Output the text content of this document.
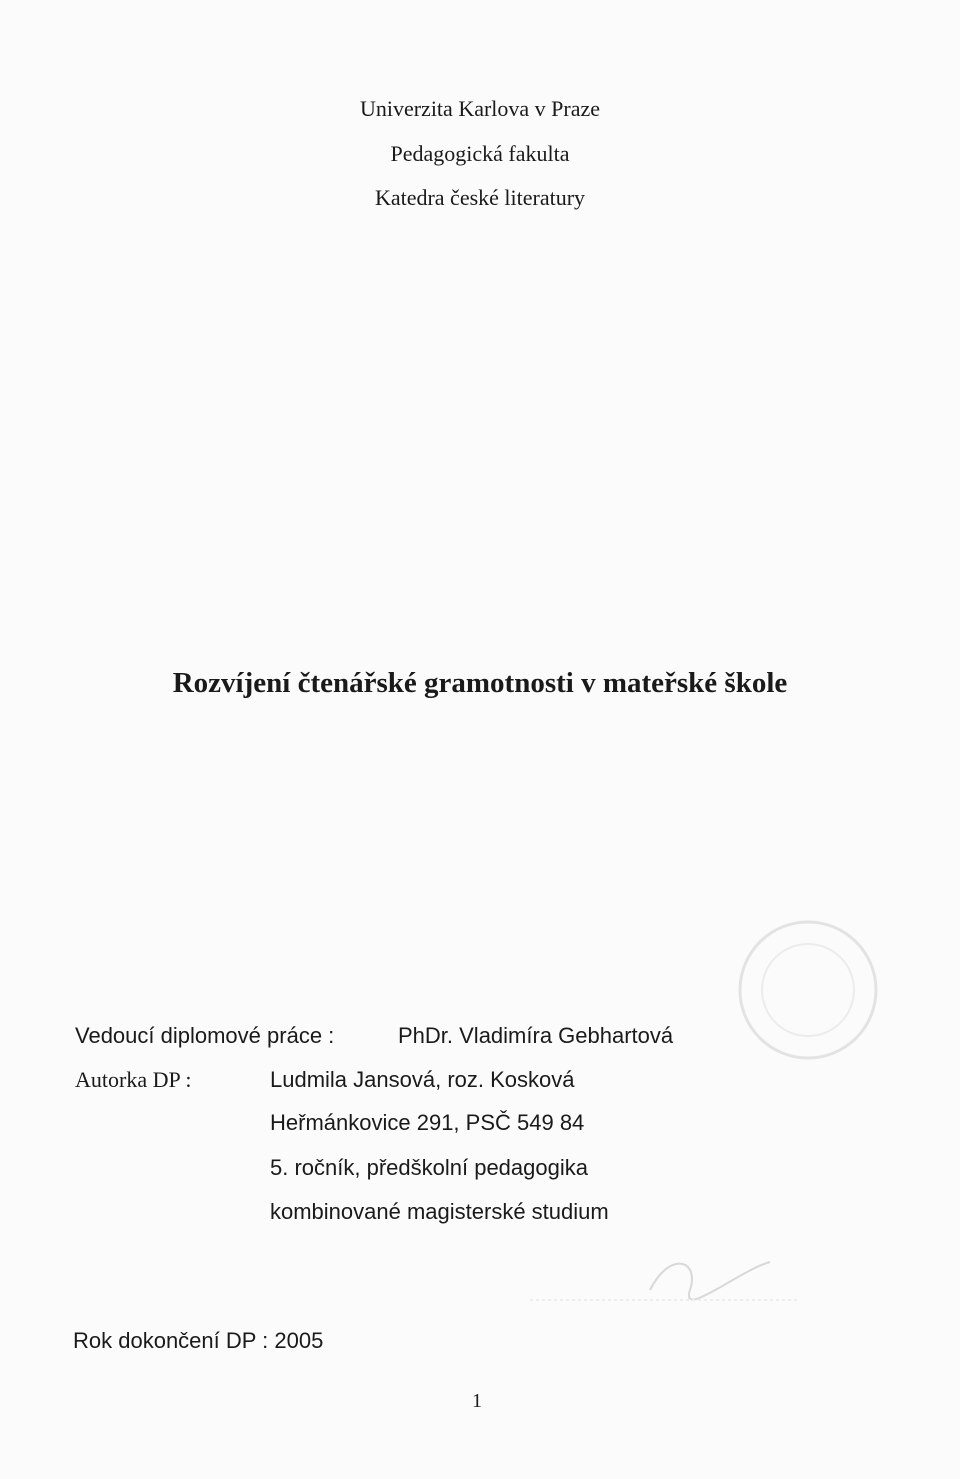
Univerzita Karlova v Praze
Pedagogická fakulta
Katedra české literatury
Rozvíjení čtenářské gramotnosti v mateřské škole
Vedoucí diplomové práce :	PhDr. Vladimíra Gebhartová
Autorka DP :	Ludmila Jansová, roz. Kosková
Heřmánkovice 291, PSČ 549 84
5. ročník, předškolní pedagogika
kombinované magisterské studium
Rok dokončení DP : 2005
1
